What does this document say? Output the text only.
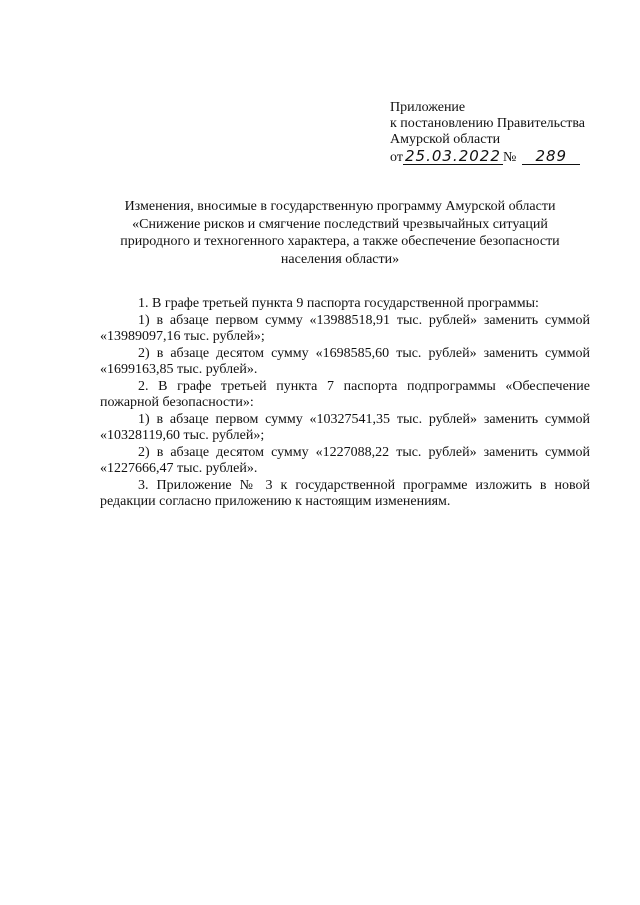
Приложение
к постановлению Правительства
Амурской области
от 25.03.2022 №	289
Изменения, вносимые в государственную программу Амурской области
«Снижение рисков и смягчение последствий чрезвычайных ситуаций
природного и техногенного характера, а также обеспечение безопасности
населения области»

1. В графе третьей пункта 9 паспорта государственной программы:

1) в абзаце первом сумму «13988518,91 тыс. рублей» заменить суммой «13989097,16 тыс. рублей»;

2) в абзаце десятом сумму «1698585,60 тыс. рублей» заменить суммой «1699163,85 тыс. рублей».

2. В графе третьей пункта 7 паспорта подпрограммы «Обеспечение пожарной безопасности»:

1) в абзаце первом сумму «10327541,35 тыс. рублей» заменить суммой «10328119,60 тыс. рублей»;

2) в абзаце десятом сумму «1227088,22 тыс. рублей» заменить суммой «1227666,47 тыс. рублей».

3. Приложение № 3 к государственной программе изложить в новой редакции согласно приложению к настоящим изменениям.
